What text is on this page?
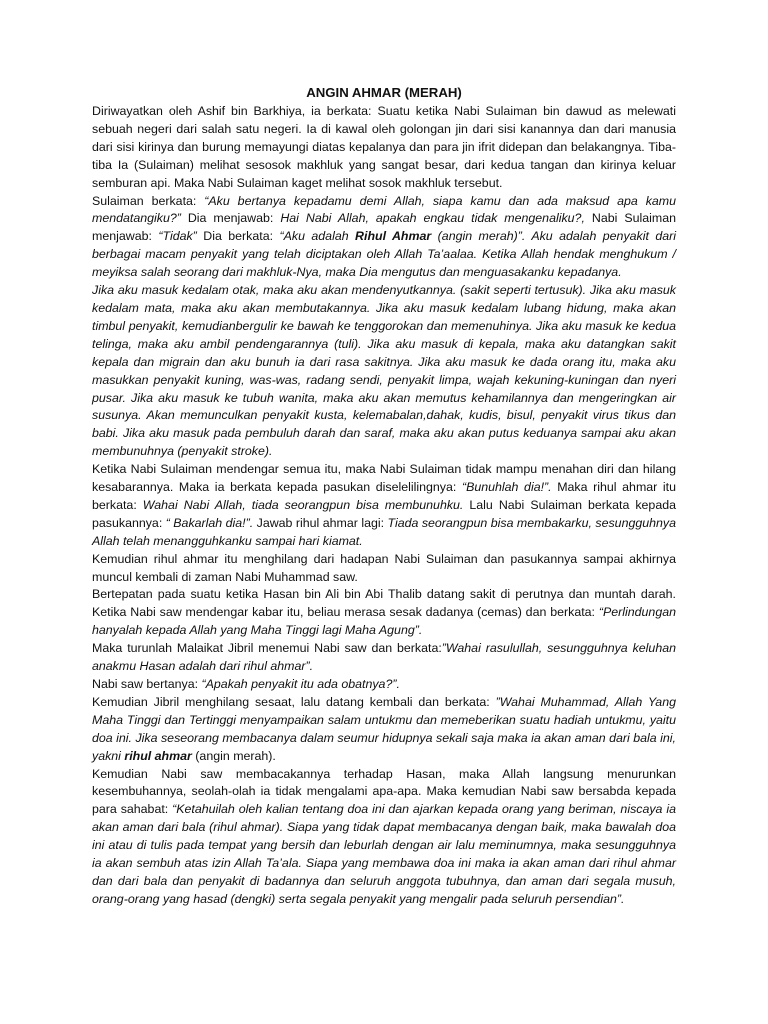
ANGIN AHMAR (MERAH)

Diriwayatkan oleh Ashif bin Barkhiya, ia berkata: Suatu ketika Nabi Sulaiman bin dawud as melewati sebuah negeri dari salah satu negeri. Ia di kawal oleh golongan jin dari sisi kanannya dan dari manusia dari sisi kirinya dan burung memayungi diatas kepalanya dan para jin ifrit didepan dan belakangnya. Tiba-tiba Ia (Sulaiman) melihat sesosok makhluk yang sangat besar, dari kedua tangan dan kirinya keluar semburan api. Maka Nabi Sulaiman kaget melihat sosok makhluk tersebut.

Sulaiman berkata: “Aku bertanya kepadamu demi Allah, siapa kamu dan ada maksud apa kamu mendatangiku?” Dia menjawab: Hai Nabi Allah, apakah engkau tidak mengenaliku?, Nabi Sulaiman menjawab: “Tidak” Dia berkata: “Aku adalah Rihul Ahmar (angin merah)”. Aku adalah penyakit dari berbagai macam penyakit yang telah diciptakan oleh Allah Ta’aalaa. Ketika Allah hendak menghukum / meyiksa salah seorang dari makhluk-Nya, maka Dia mengutus dan menguasakanku kepadanya.

Jika aku masuk kedalam otak, maka aku akan mendenyutkannya. (sakit seperti tertusuk). Jika aku masuk kedalam mata, maka aku akan membutakannya. Jika aku masuk kedalam lubang hidung, maka akan timbul penyakit, kemudianbergulir ke bawah ke tenggorokan dan memenuhinya. Jika aku masuk ke kedua telinga, maka aku ambil pendengarannya (tuli). Jika aku masuk di kepala, maka aku datangkan sakit kepala dan migrain dan aku bunuh ia dari rasa sakitnya. Jika aku masuk ke dada orang itu, maka aku masukkan penyakit kuning, was-was, radang sendi, penyakit limpa, wajah kekuning-kuningan dan nyeri pusar. Jika aku masuk ke tubuh wanita, maka aku akan memutus kehamilannya dan mengeringkan air susunya. Akan memunculkan penyakit kusta, kelemabalan,dahak, kudis, bisul, penyakit virus tikus dan babi. Jika aku masuk pada pembuluh darah dan saraf, maka aku akan putus keduanya sampai aku akan membunuhnya (penyakit stroke).

Ketika Nabi Sulaiman mendengar semua itu, maka Nabi Sulaiman tidak mampu menahan diri dan hilang kesabarannya. Maka ia berkata kepada pasukan diselelilingnya: “Bunuhlah dia!”. Maka rihul ahmar itu berkata: Wahai Nabi Allah, tiada seorangpun bisa membunuhku. Lalu Nabi Sulaiman berkata kepada pasukannya: “ Bakarlah dia!”. Jawab rihul ahmar lagi: Tiada seorangpun bisa membakarku, sesungguhnya Allah telah menangguhkanku sampai hari kiamat.

Kemudian rihul ahmar itu menghilang dari hadapan Nabi Sulaiman dan pasukannya sampai akhirnya muncul kembali di zaman Nabi Muhammad saw.

Bertepatan pada suatu ketika Hasan bin Ali bin Abi Thalib datang sakit di perutnya dan muntah darah. Ketika Nabi saw mendengar kabar itu, beliau merasa sesak dadanya (cemas) dan berkata: “Perlindungan hanyalah kepada Allah yang Maha Tinggi lagi Maha Agung”.

Maka turunlah Malaikat Jibril menemui Nabi saw dan berkata:”Wahai rasulullah, sesungguhnya keluhan anakmu Hasan adalah dari rihul ahmar”.

Nabi saw bertanya: “Apakah penyakit itu ada obatnya?”.

Kemudian Jibril menghilang sesaat, lalu datang kembali dan berkata: ”Wahai Muhammad, Allah Yang Maha Tinggi dan Tertinggi menyampaikan salam untukmu dan memeberikan suatu hadiah untukmu, yaitu doa ini. Jika seseorang membacanya dalam seumur hidupnya sekali saja maka ia akan aman dari bala ini, yakni rihul ahmar (angin merah).

Kemudian Nabi saw membacakannya terhadap Hasan, maka Allah langsung menurunkan kesembuhannya, seolah-olah ia tidak mengalami apa-apa. Maka kemudian Nabi saw bersabda kepada para sahabat: “Ketahuilah oleh kalian tentang doa ini dan ajarkan kepada orang yang beriman, niscaya ia akan aman dari bala (rihul ahmar). Siapa yang tidak dapat membacanya dengan baik, maka bawalah doa ini atau di tulis pada tempat yang bersih dan leburlah dengan air lalu meminumnya, maka sesungguhnya ia akan sembuh atas izin Allah Ta’ala. Siapa yang membawa doa ini maka ia akan aman dari rihul ahmar dan dari bala dan penyakit di badannya dan seluruh anggota tubuhnya, dan aman dari segala musuh, orang-orang yang hasad (dengki) serta segala penyakit yang mengalir pada seluruh persendian”.
